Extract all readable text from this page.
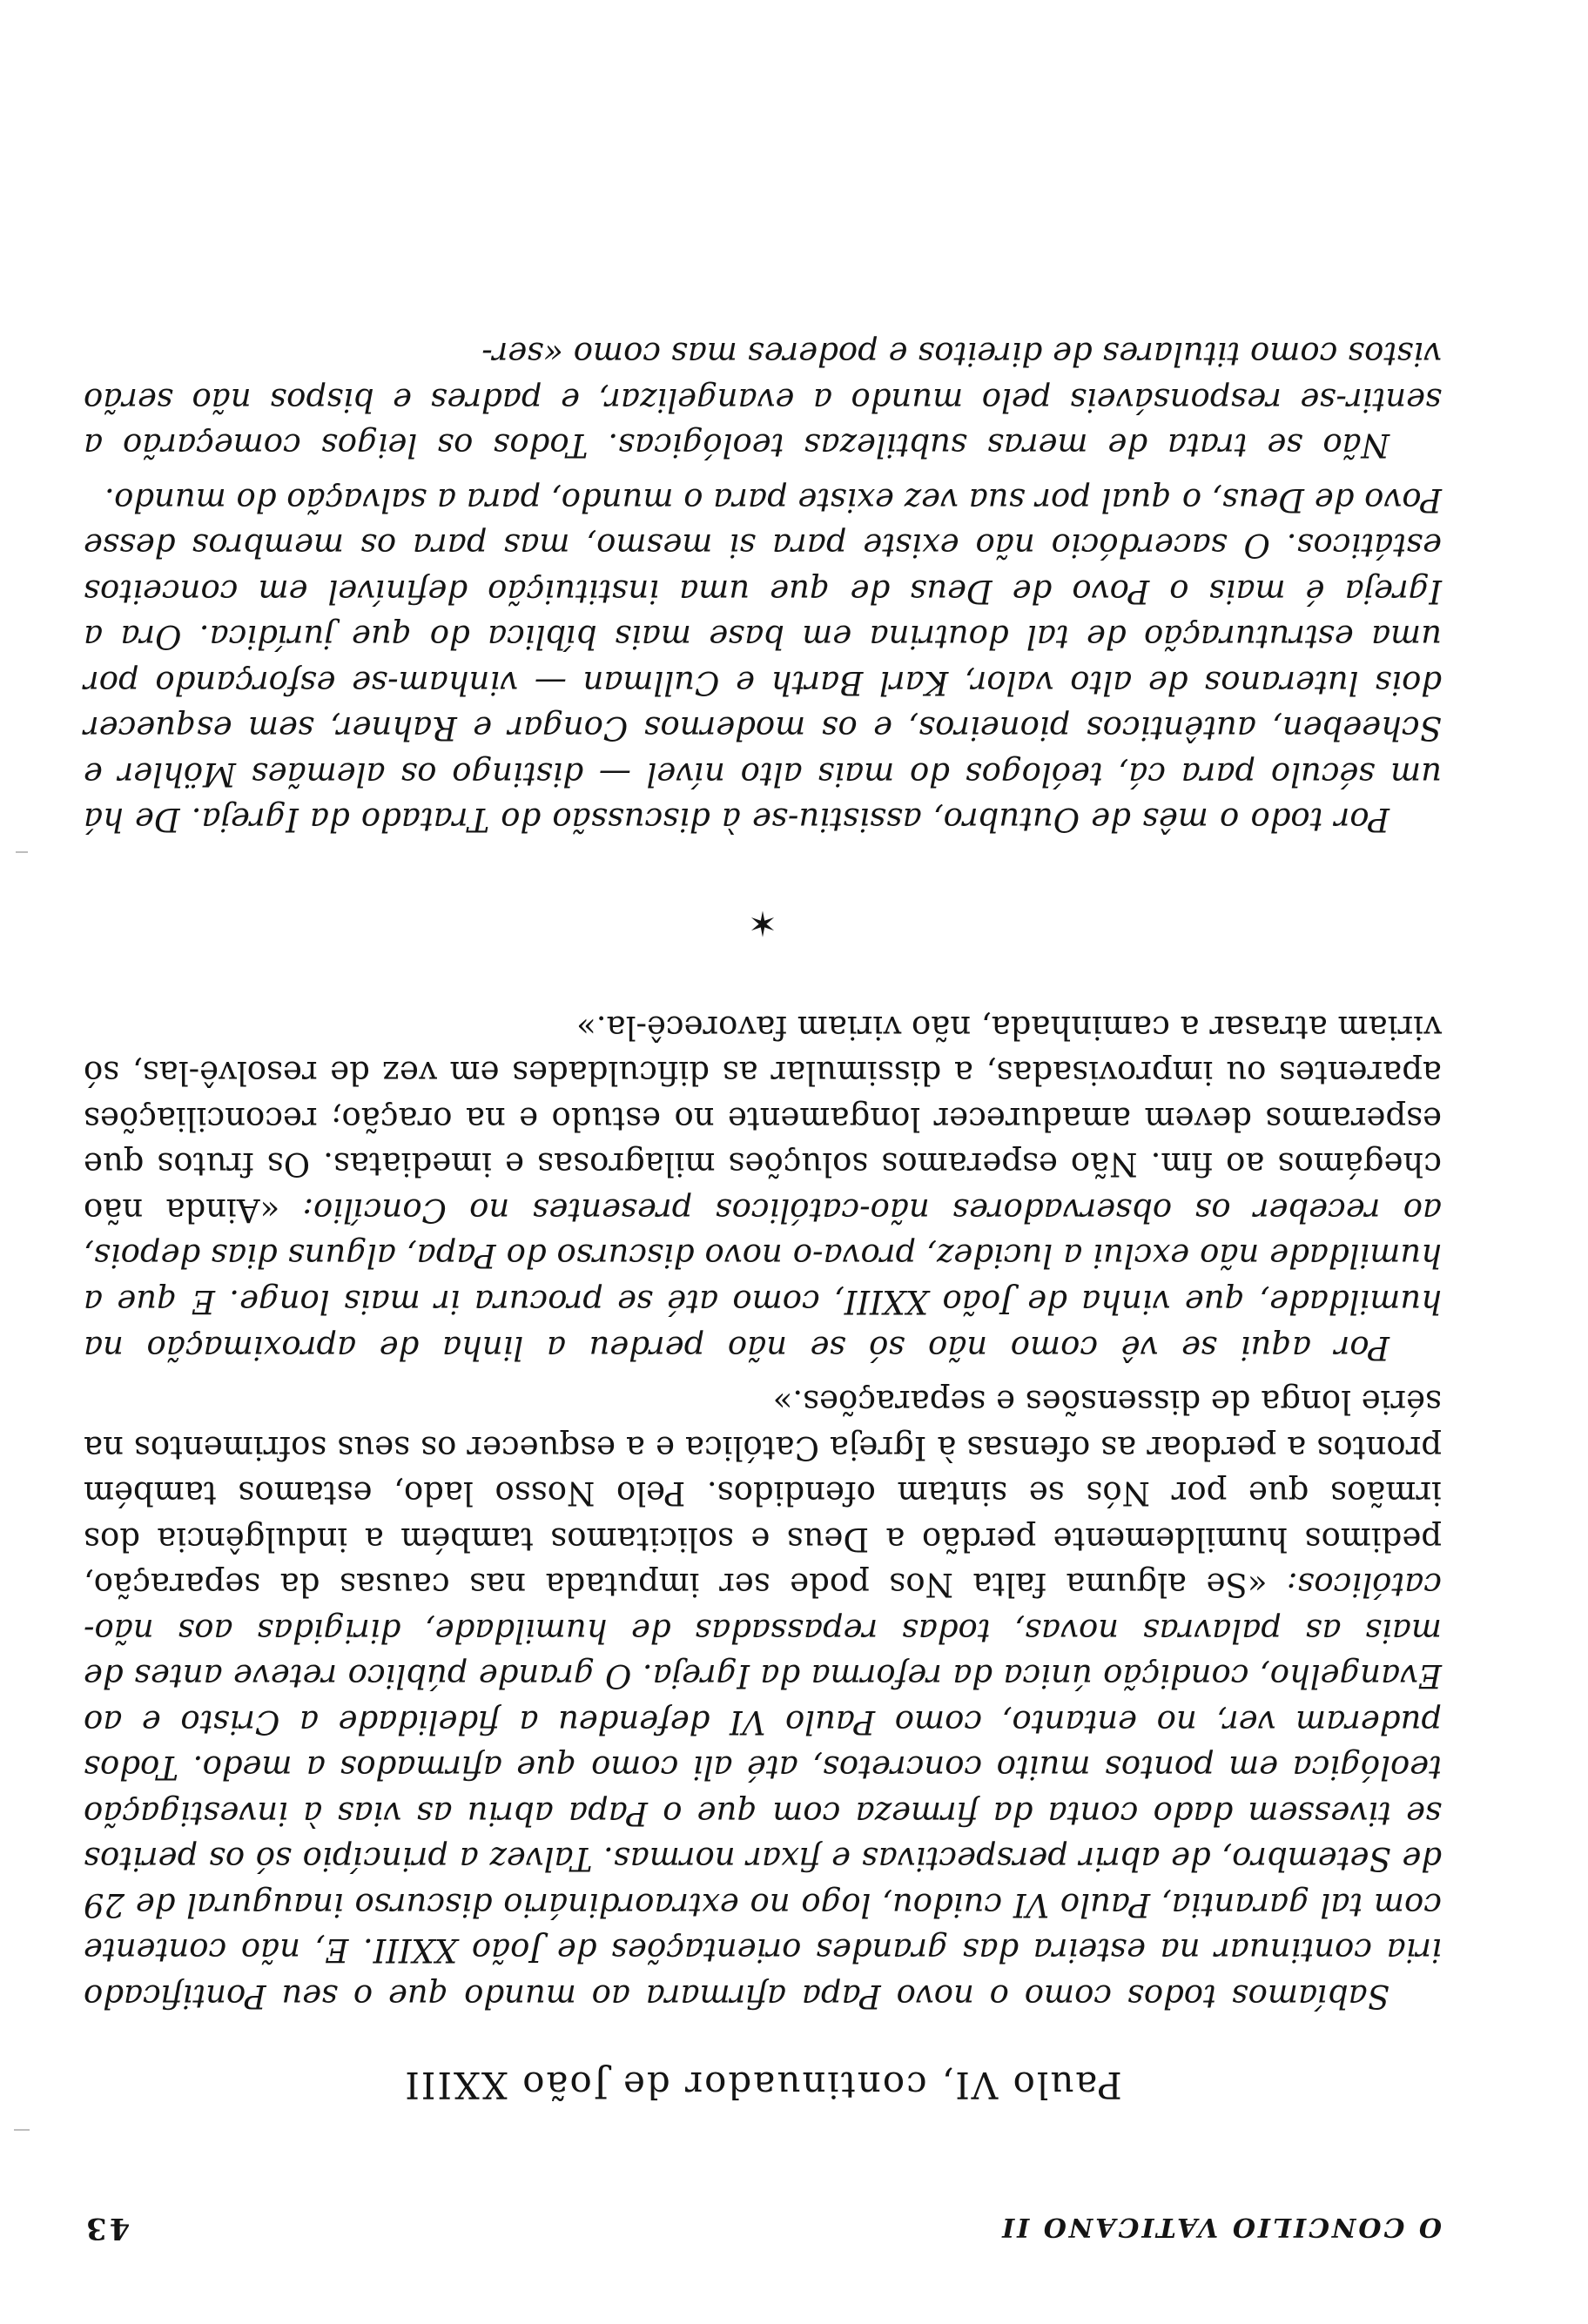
O CONCILIO VATICANO II
43
Paulo VI, continuador de João XXIII

Sabíamos todos como o novo Papa afirmara ao mundo que o seu Pontificado iria continuar na esteira das grandes orientações de João XXIII. E, não contente com tal garantia, Paulo VI cuidou, logo no extraordinário discurso inaugural de 29 de Setembro, de abrir perspectivas e fixar normas. Talvez a princípio só os peritos se tivessem dado conta da firmeza com que o Papa abriu as vias à investigação teológica em pontos muito concretos, até ali como que afirmados a medo. Todos puderam ver, no entanto, como Paulo VI defendeu a fidelidade a Cristo e ao Evangelho, condição única da reforma da Igreja. O grande público reteve antes de mais as palavras novas, todas repassadas de humildade, dirigidas aos não-católicos: «Se alguma falta Nos pode ser imputada nas causas da separação, pedimos humildemente perdão a Deus e solicitamos também a indulgência dos irmãos que por Nós se sintam ofendidos. Pelo Nosso lado, estamos também prontos a perdoar as ofensas à Igreja Católica e a esquecer os seus sofrimentos na série longa de dissensões e separações.»

Por aqui se vê como não só se não perdeu a linha de aproximação na humildade, que vinha de João XXIII, como até se procura ir mais longe. E que a humildade não exclui a lucidez, prova-o novo discurso do Papa, alguns dias depois, ao receber os observadores não-católicos presentes no Concílio: «Ainda não chegámos ao fim. Não esperamos soluções milagrosas e imediatas. Os frutos que esperamos devem amadurecer longamente no estudo e na oração; reconciliações aparentes ou improvisadas, a dissimular as dificuldades em vez de resolvê-las, só viriam atrasar a caminhada, não viriam favorecê-la.»

✶

Por todo o mês de Outubro, assistiu-se à discussão do Tratado da Igreja. De há um século para cá, teólogos do mais alto nível — distingo os alemães Möhler e Scheeben, autênticos pioneiros, e os modernos Congar e Rahner, sem esquecer dois luteranos de alto valor, Karl Barth e Cullman — vinham-se esforçando por uma estruturação de tal doutrina em base mais bíblica do que jurídica. Ora a Igreja é mais o Povo de Deus de que uma instituição definível em conceitos estáticos. O sacerdócio não existe para si mesmo, mas para os membros desse Povo de Deus, o qual por sua vez existe para o mundo, para a salvação do mundo.

Não se trata de meras subtilezas teológicas. Todos os leigos começarão a sentir-se responsáveis pelo mundo a evangelizar, e padres e bispos não serão vistos como titulares de direitos e poderes mas como «ser-
